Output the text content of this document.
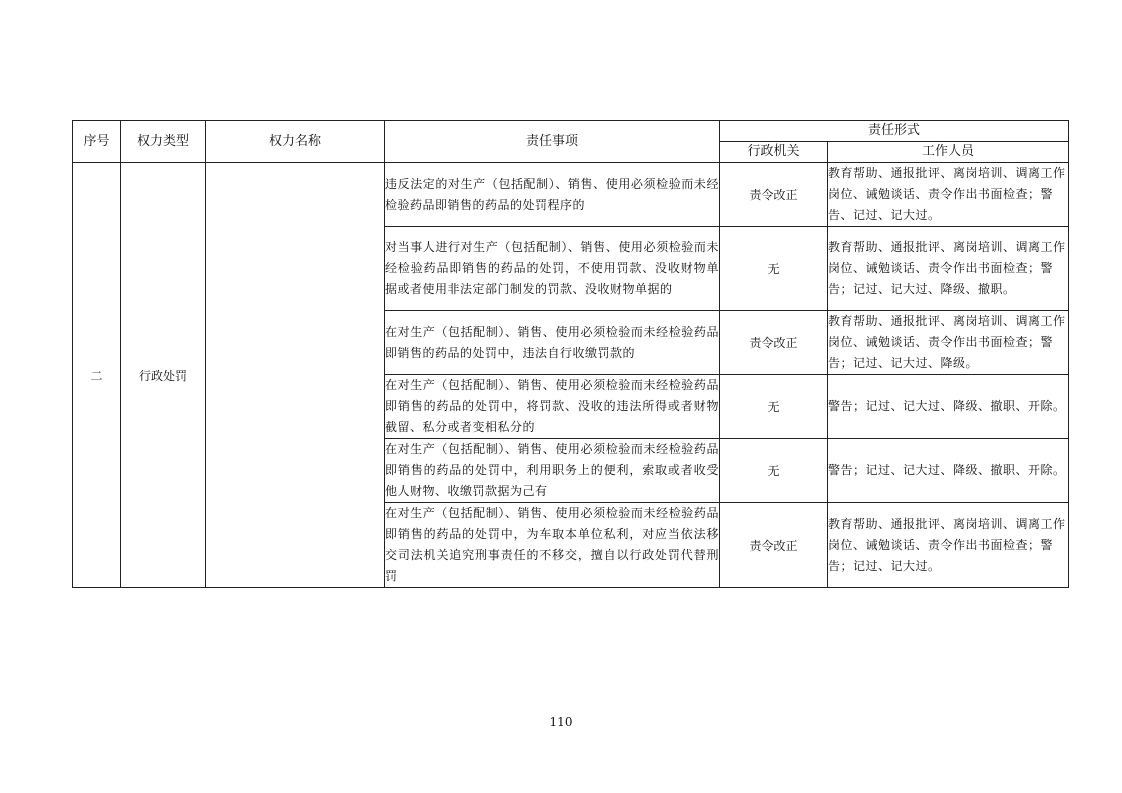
序号	权力类型	权力名称	责任事项	责任形式	
				行政机关	工作人员
二	行政处罚		违反法定的对生产（包括配制）、销售、使用必须检验而未经检验药品即销售的药品的处罚程序的	责令改正	教育帮助、通报批评、离岗培训、调离工作岗位、诫勉谈话、责令作出书面检查；警告、记过、记大过。
			对当事人进行对生产（包括配制）、销售、使用必须检验而未经检验药品即销售的药品的处罚，不使用罚款、没收财物单据或者使用非法定部门制发的罚款、没收财物单据的	无	教育帮助、通报批评、离岗培训、调离工作岗位、诫勉谈话、责令作出书面检查；警告；记过、记大过、降级、撤职。
			在对生产（包括配制）、销售、使用必须检验而未经检验药品即销售的药品的处罚中，违法自行收缴罚款的	责令改正	教育帮助、通报批评、离岗培训、调离工作岗位、诫勉谈话、责令作出书面检查；警告；记过、记大过、降级。
			在对生产（包括配制）、销售、使用必须检验而未经检验药品即销售的药品的处罚中，将罚款、没收的违法所得或者财物截留、私分或者变相私分的	无	警告；记过、记大过、降级、撤职、开除。
			在对生产（包括配制）、销售、使用必须检验而未经检验药品即销售的药品的处罚中，利用职务上的便利，索取或者收受他人财物、收缴罚款据为己有	无	警告；记过、记大过、降级、撤职、开除。
			在对生产（包括配制）、销售、使用必须检验而未经检验药品即销售的药品的处罚中，为车取本单位私利，对应当依法移交司法机关追究刑事责任的不移交，擅自以行政处罚代替刑罚	责令改正	教育帮助、通报批评、离岗培训、调离工作岗位、诫勉谈话、责令作出书面检查；警告；记过、记大过。
110
